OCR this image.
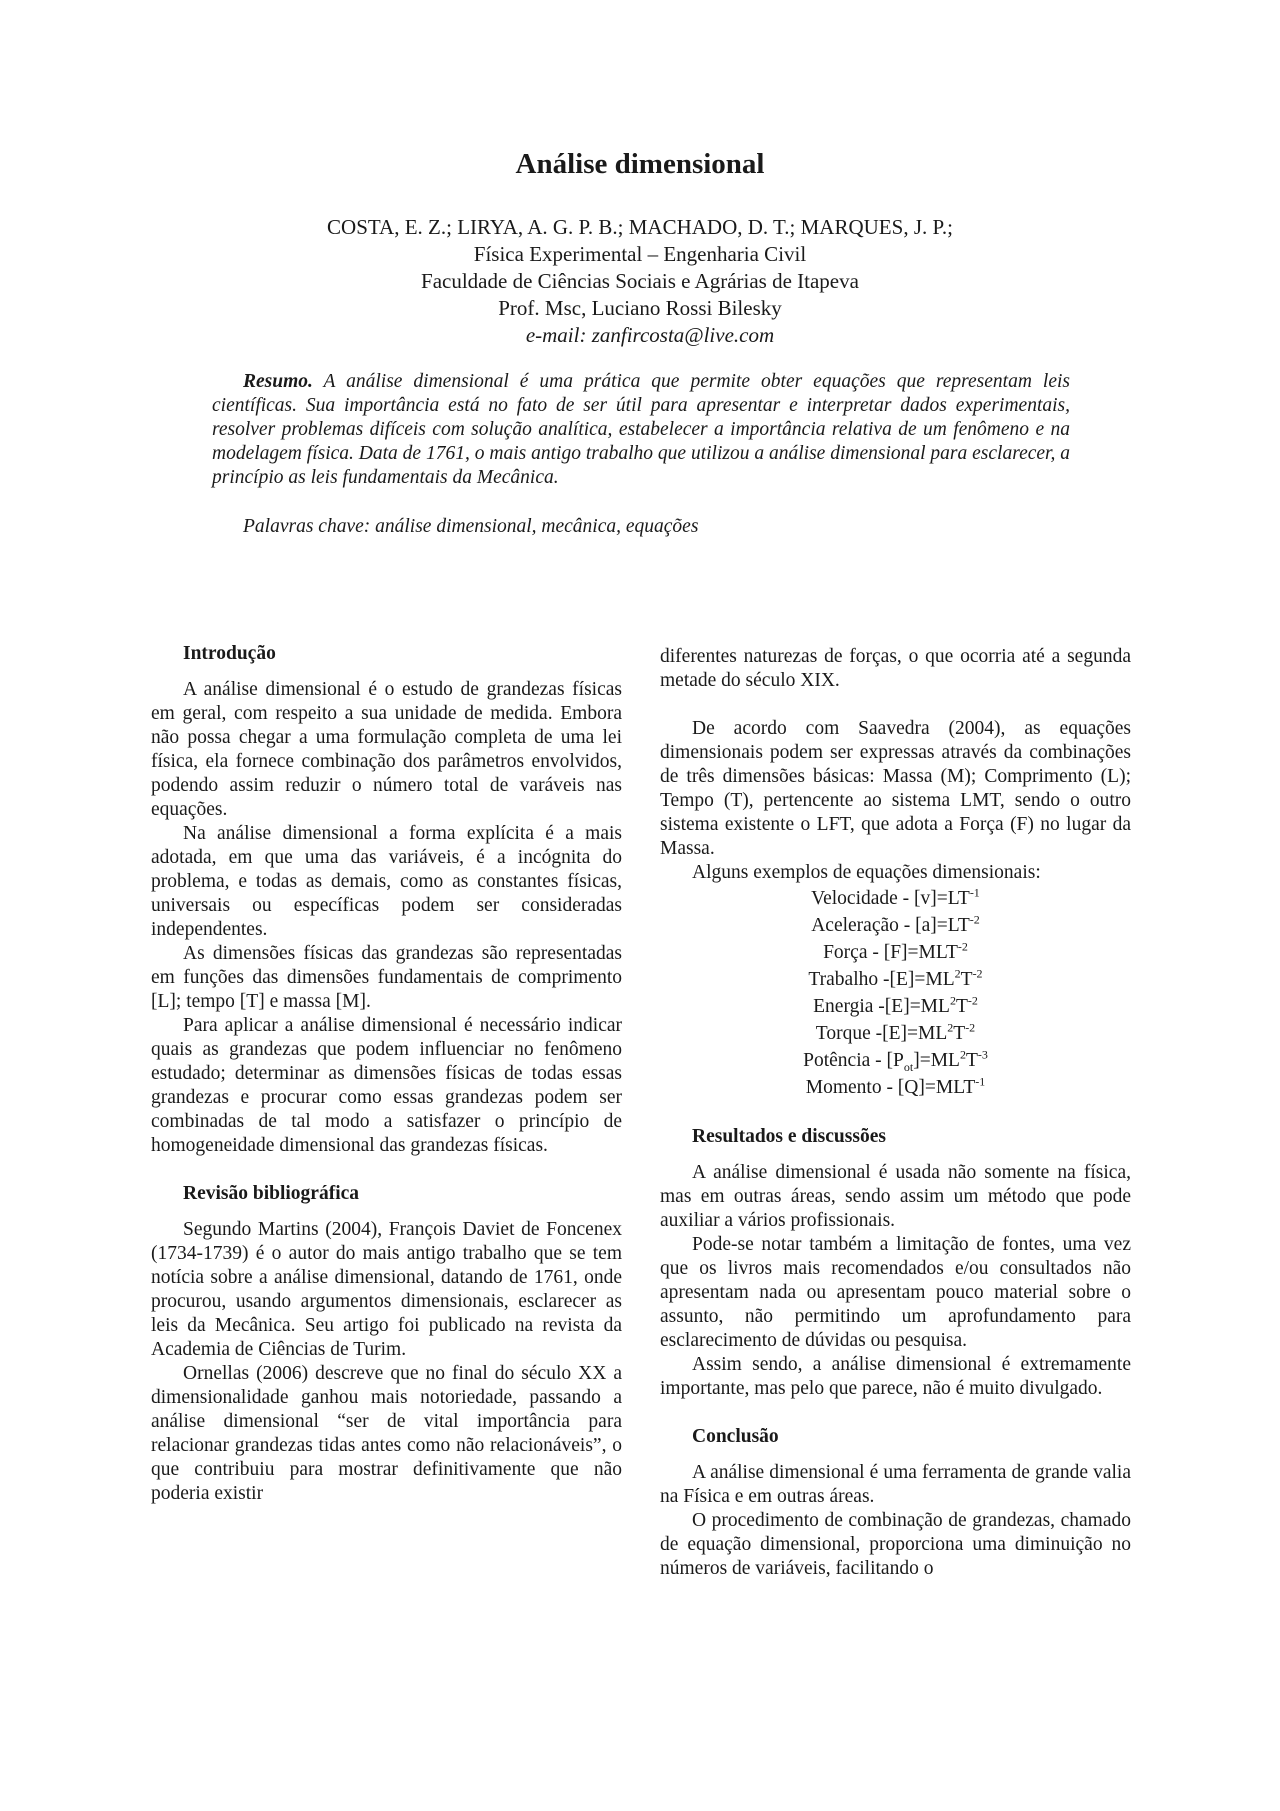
Análise dimensional
COSTA, E. Z.; LIRYA, A. G. P. B.; MACHADO, D. T.; MARQUES, J. P.;
Física Experimental – Engenharia Civil
Faculdade de Ciências Sociais e Agrárias de Itapeva
Prof. Msc, Luciano Rossi Bilesky
e-mail: zanfircosta@live.com
Resumo. A análise dimensional é uma prática que permite obter equações que representam leis científicas. Sua importância está no fato de ser útil para apresentar e interpretar dados experimentais, resolver problemas difíceis com solução analítica, estabelecer a importância relativa de um fenômeno e na modelagem física. Data de 1761, o mais antigo trabalho que utilizou a análise dimensional para esclarecer, a princípio as leis fundamentais da Mecânica.
Palavras chave: análise dimensional, mecânica, equações
Introdução

A análise dimensional é o estudo de grandezas físicas em geral, com respeito a sua unidade de medida. Embora não possa chegar a uma formulação completa de uma lei física, ela fornece combinação dos parâmetros envolvidos, podendo assim reduzir o número total de varáveis nas equações.

Na análise dimensional a forma explícita é a mais adotada, em que uma das variáveis, é a incógnita do problema, e todas as demais, como as constantes físicas, universais ou específicas podem ser consideradas independentes.

As dimensões físicas das grandezas são representadas em funções das dimensões fundamentais de comprimento [L]; tempo [T] e massa [M].

Para aplicar a análise dimensional é necessário indicar quais as grandezas que podem influenciar no fenômeno estudado; determinar as dimensões físicas de todas essas grandezas e procurar como essas grandezas podem ser combinadas de tal modo a satisfazer o princípio de homogeneidade dimensional das grandezas físicas.

Revisão bibliográfica

Segundo Martins (2004), François Daviet de Foncenex (1734-1739) é o autor do mais antigo trabalho que se tem notícia sobre a análise dimensional, datando de 1761, onde procurou, usando argumentos dimensionais, esclarecer as leis da Mecânica. Seu artigo foi publicado na revista da Academia de Ciências de Turim.

Ornellas (2006) descreve que no final do século XX a dimensionalidade ganhou mais notoriedade, passando a análise dimensional “ser de vital importância para relacionar grandezas tidas antes como não relacionáveis”, o que contribuiu para mostrar definitivamente que não poderia existir

diferentes naturezas de forças, o que ocorria até a segunda metade do século XIX.

De acordo com Saavedra (2004), as equações dimensionais podem ser expressas através da combinações de três dimensões básicas: Massa (M); Comprimento (L); Tempo (T), pertencente ao sistema LMT, sendo o outro sistema existente o LFT, que adota a Força (F) no lugar da Massa.

Alguns exemplos de equações dimensionais:

Velocidade - $[v]=LT^{-1}$
Aceleração - $[a]=LT^{-2}$
Força - $[F]=MLT^{-2}$
Trabalho $-[E]=ML^2T^{-2}$
Energia $-[E]=ML^2T^{-2}$
Torque $-[E]=ML^2T^{-2}$
Potência - $[P_{ot}]=ML^2T^{-3}$
Momento - $[Q]=MLT^{-1}$
Resultados e discussões

A análise dimensional é usada não somente na física, mas em outras áreas, sendo assim um método que pode auxiliar a vários profissionais.

Pode-se notar também a limitação de fontes, uma vez que os livros mais recomendados e/ou consultados não apresentam nada ou apresentam pouco material sobre o assunto, não permitindo um aprofundamento para esclarecimento de dúvidas ou pesquisa.

Assim sendo, a análise dimensional é extremamente importante, mas pelo que parece, não é muito divulgado.

Conclusão

A análise dimensional é uma ferramenta de grande valia na Física e em outras áreas.

O procedimento de combinação de grandezas, chamado de equação dimensional, proporciona uma diminuição no números de variáveis, facilitando o
